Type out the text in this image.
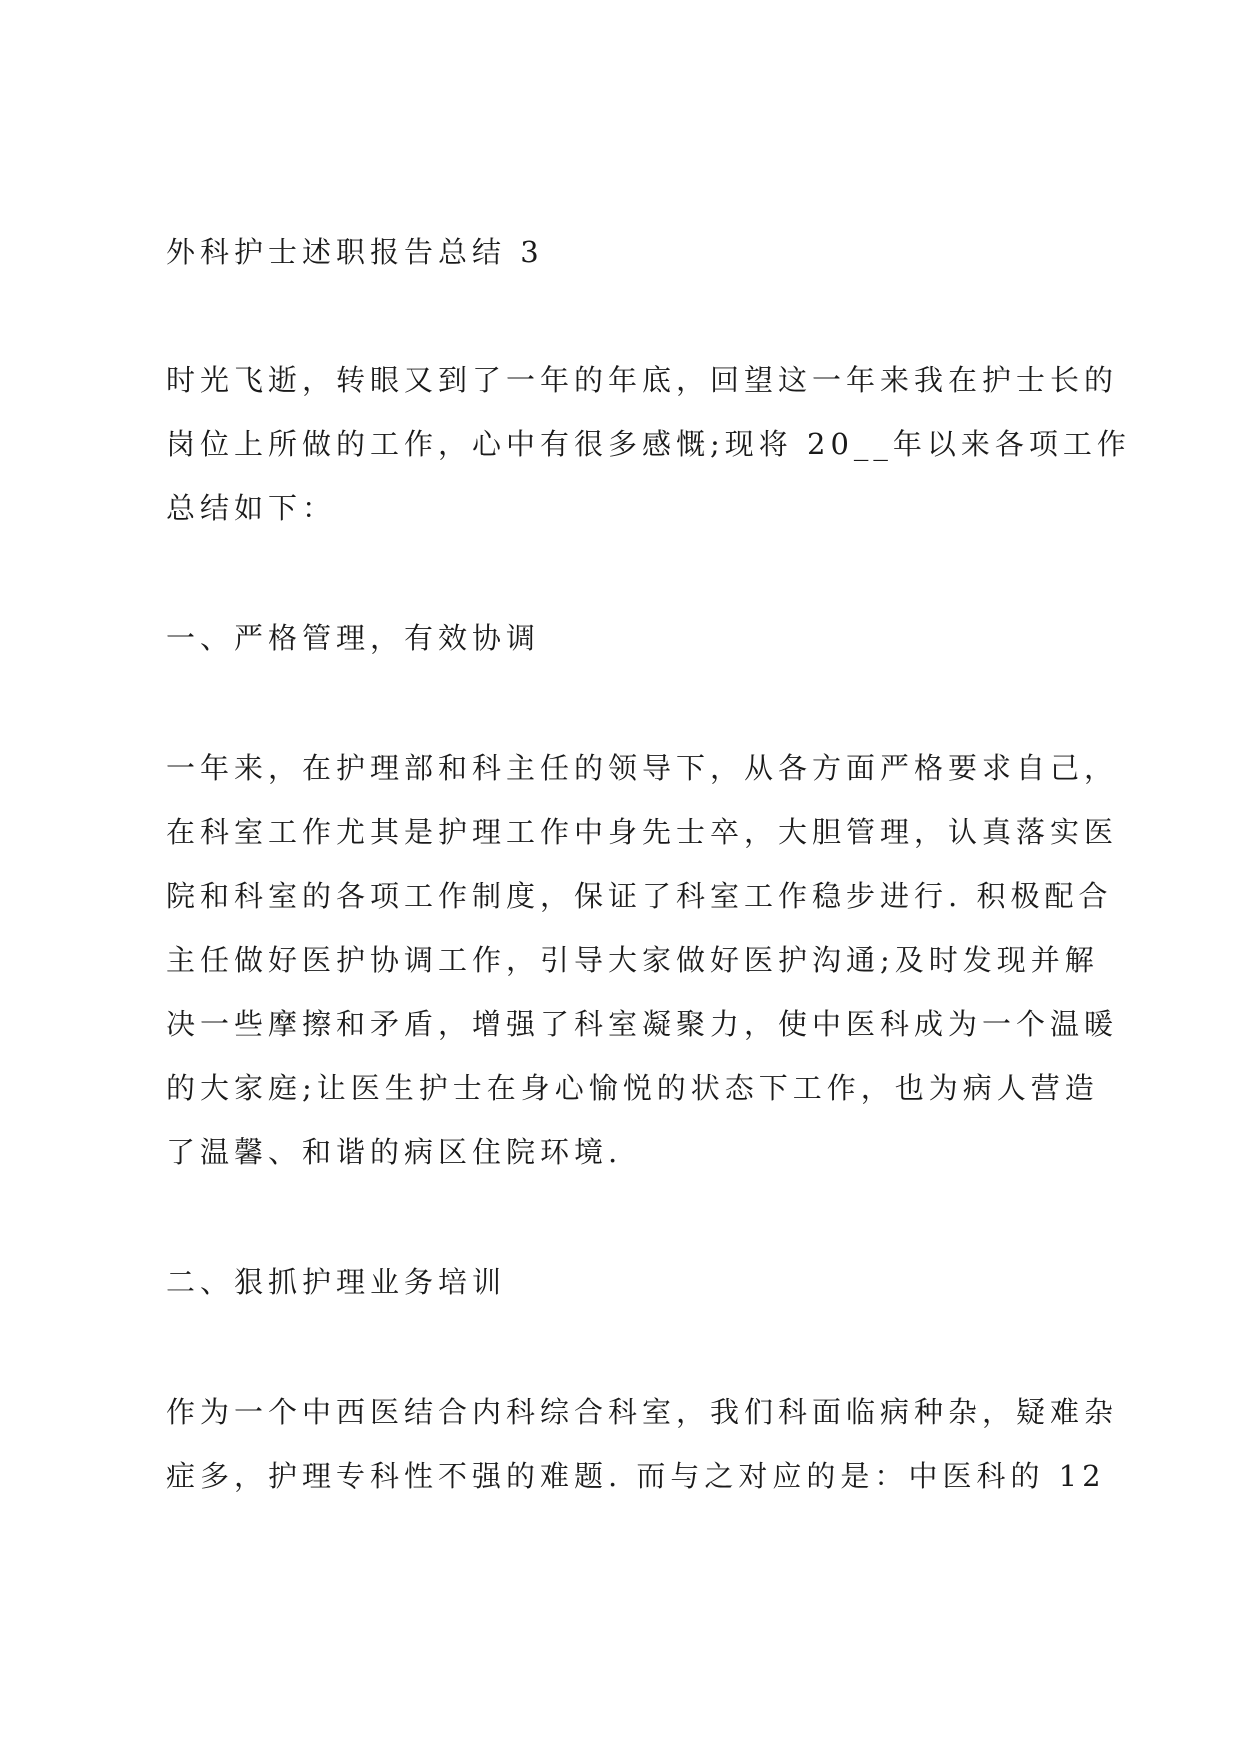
外科护士述职报告总结 3

时光飞逝，转眼又到了一年的年底，回望这一年来我在护士长的

岗位上所做的工作，心中有很多感慨;现将 20__年以来各项工作

总结如下：

一、严格管理，有效协调

一年来，在护理部和科主任的领导下，从各方面严格要求自己，

在科室工作尤其是护理工作中身先士卒，大胆管理，认真落实医

院和科室的各项工作制度，保证了科室工作稳步进行. 积极配合

主任做好医护协调工作，引导大家做好医护沟通;及时发现并解

决一些摩擦和矛盾，增强了科室凝聚力，使中医科成为一个温暖

的大家庭;让医生护士在身心愉悦的状态下工作，也为病人营造

了温馨、和谐的病区住院环境.

二、狠抓护理业务培训

作为一个中西医结合内科综合科室，我们科面临病种杂，疑难杂

症多，护理专科性不强的难题. 而与之对应的是：中医科的 12
